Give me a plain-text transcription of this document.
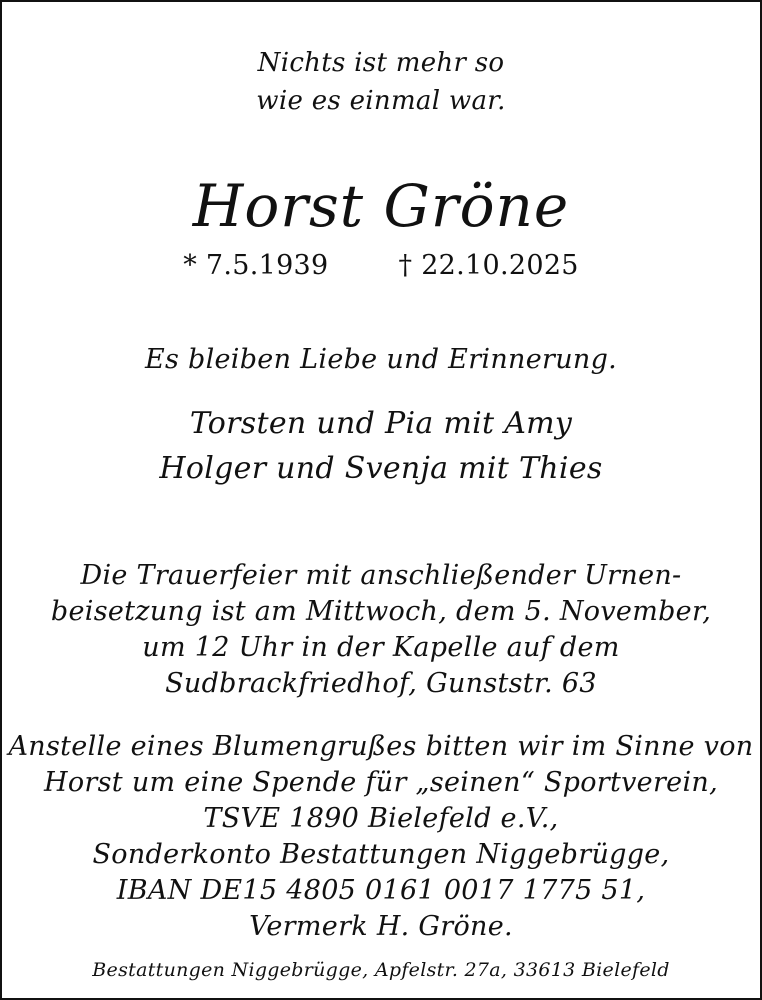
Nichts ist mehr so
wie es einmal war.
Horst Gröne
* 7.5.1939	† 22.10.2025
Es bleiben Liebe und Erinnerung.
Torsten und Pia mit Amy
Holger und Svenja mit Thies
Die Trauerfeier mit anschließender Urnen-
beisetzung ist am Mittwoch, dem 5. November,
um 12 Uhr in der Kapelle auf dem
Sudbrackfriedhof, Gunststr. 63
Anstelle eines Blumengrußes bitten wir im Sinne von
Horst um eine Spende für „seinen“ Sportverein,
TSVE 1890 Bielefeld e.V.,
Sonderkonto Bestattungen Niggebrügge,
IBAN DE15 4805 0161 0017 1775 51,
Vermerk H. Gröne.
Bestattungen Niggebrügge, Apfelstr. 27a, 33613 Bielefeld
